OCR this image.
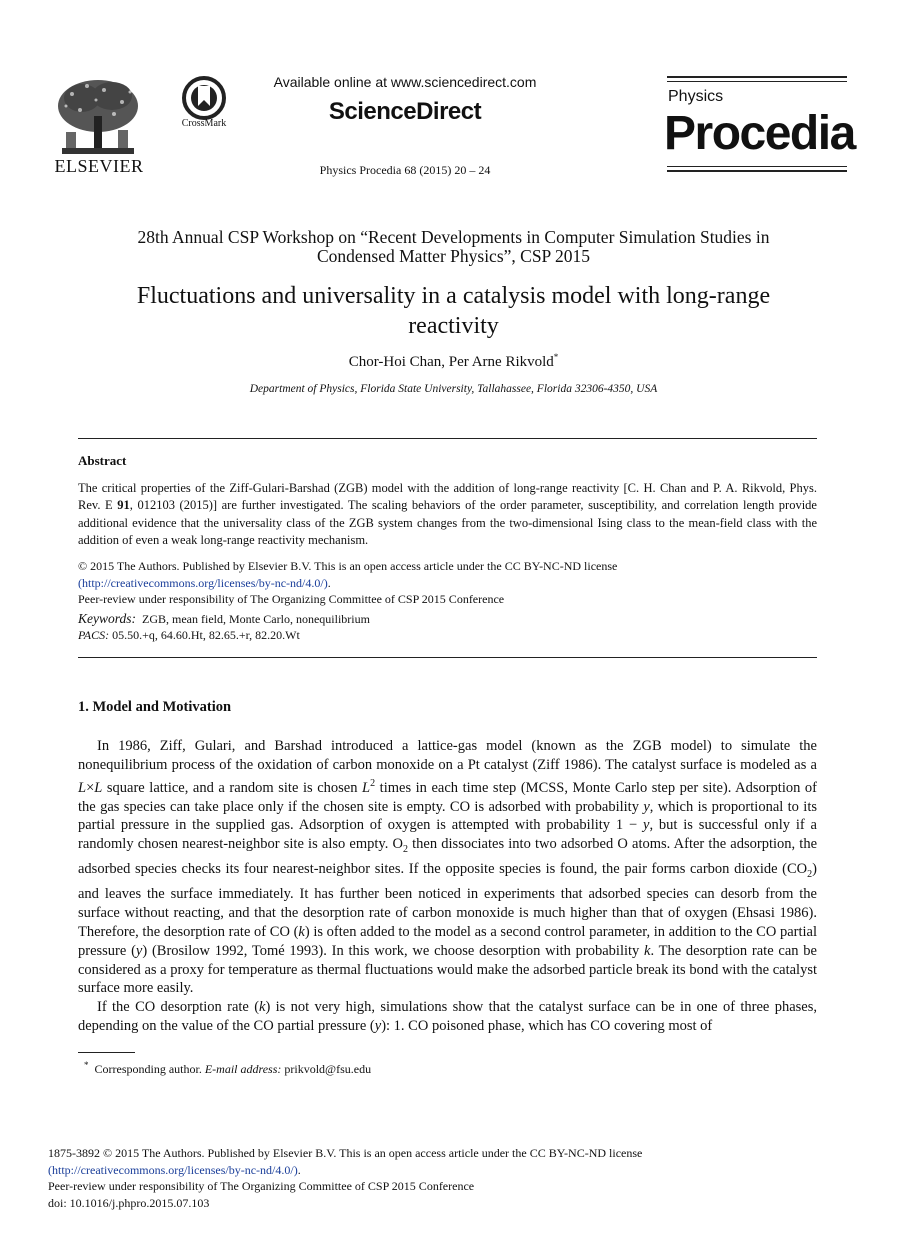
ELSEVIER
CrossMark
Available online at www.sciencedirect.com
ScienceDirect
Physics Procedia 68 (2015) 20 – 24
Physics
Procedia
28th Annual CSP Workshop on “Recent Developments in Computer Simulation Studies in
Condensed Matter Physics”, CSP 2015
Fluctuations and universality in a catalysis model with long-range
reactivity
Chor-Hoi Chan, Per Arne Rikvold*
Department of Physics, Florida State University, Tallahassee, Florida 32306-4350, USA
Abstract
The critical properties of the Ziff-Gulari-Barshad (ZGB) model with the addition of long-range reactivity [C. H. Chan and P. A. Rikvold, Phys. Rev. E 91, 012103 (2015)] are further investigated. The scaling behaviors of the order parameter, susceptibility, and correlation length provide additional evidence that the universality class of the ZGB system changes from the two-dimensional Ising class to the mean-field class with the addition of even a weak long-range reactivity mechanism.
© 2015 The Authors. Published by Elsevier B.V. This is an open access article under the CC BY-NC-ND license
(http://creativecommons.org/licenses/by-nc-nd/4.0/).
Peer-review under responsibility of The Organizing Committee of CSP 2015 Conference
Keywords: ZGB, mean field, Monte Carlo, nonequilibrium
PACS: 05.50.+q, 64.60.Ht, 82.65.+r, 82.20.Wt
1. Model and Motivation

In 1986, Ziff, Gulari, and Barshad introduced a lattice-gas model (known as the ZGB model) to simulate the nonequilibrium process of the oxidation of carbon monoxide on a Pt catalyst (Ziff 1986). The catalyst surface is modeled as a L×L square lattice, and a random site is chosen $L^2$ times in each time step (MCSS, Monte Carlo step per site). Adsorption of the gas species can take place only if the chosen site is empty. CO is adsorbed with probability y, which is proportional to its partial pressure in the supplied gas. Adsorption of oxygen is attempted with probability 1 − y, but is successful only if a randomly chosen nearest-neighbor site is also empty. $O_2$ then dissociates into two adsorbed O atoms. After the adsorption, the adsorbed species checks its four nearest-neighbor sites. If the opposite species is found, the pair forms carbon dioxide $(CO_2)$ and leaves the surface immediately. It has further been noticed in experiments that adsorbed species can desorb from the surface without reacting, and that the desorption rate of carbon monoxide is much higher than that of oxygen (Ehsasi 1986). Therefore, the desorption rate of CO (k) is often added to the model as a second control parameter, in addition to the CO partial pressure (y) (Brosilow 1992, Tomé 1993). In this work, we choose desorption with probability k. The desorption rate can be considered as a proxy for temperature as thermal fluctuations would make the adsorbed particle break its bond with the catalyst surface more easily.

If the CO desorption rate (k) is not very high, simulations show that the catalyst surface can be in one of three phases, depending on the value of the CO partial pressure (y): 1. CO poisoned phase, which has CO covering most of

* Corresponding author. E-mail address: prikvold@fsu.edu
1875-3892 © 2015 The Authors. Published by Elsevier B.V. This is an open access article under the CC BY-NC-ND license
(http://creativecommons.org/licenses/by-nc-nd/4.0/).
Peer-review under responsibility of The Organizing Committee of CSP 2015 Conference
doi: 10.1016/j.phpro.2015.07.103
